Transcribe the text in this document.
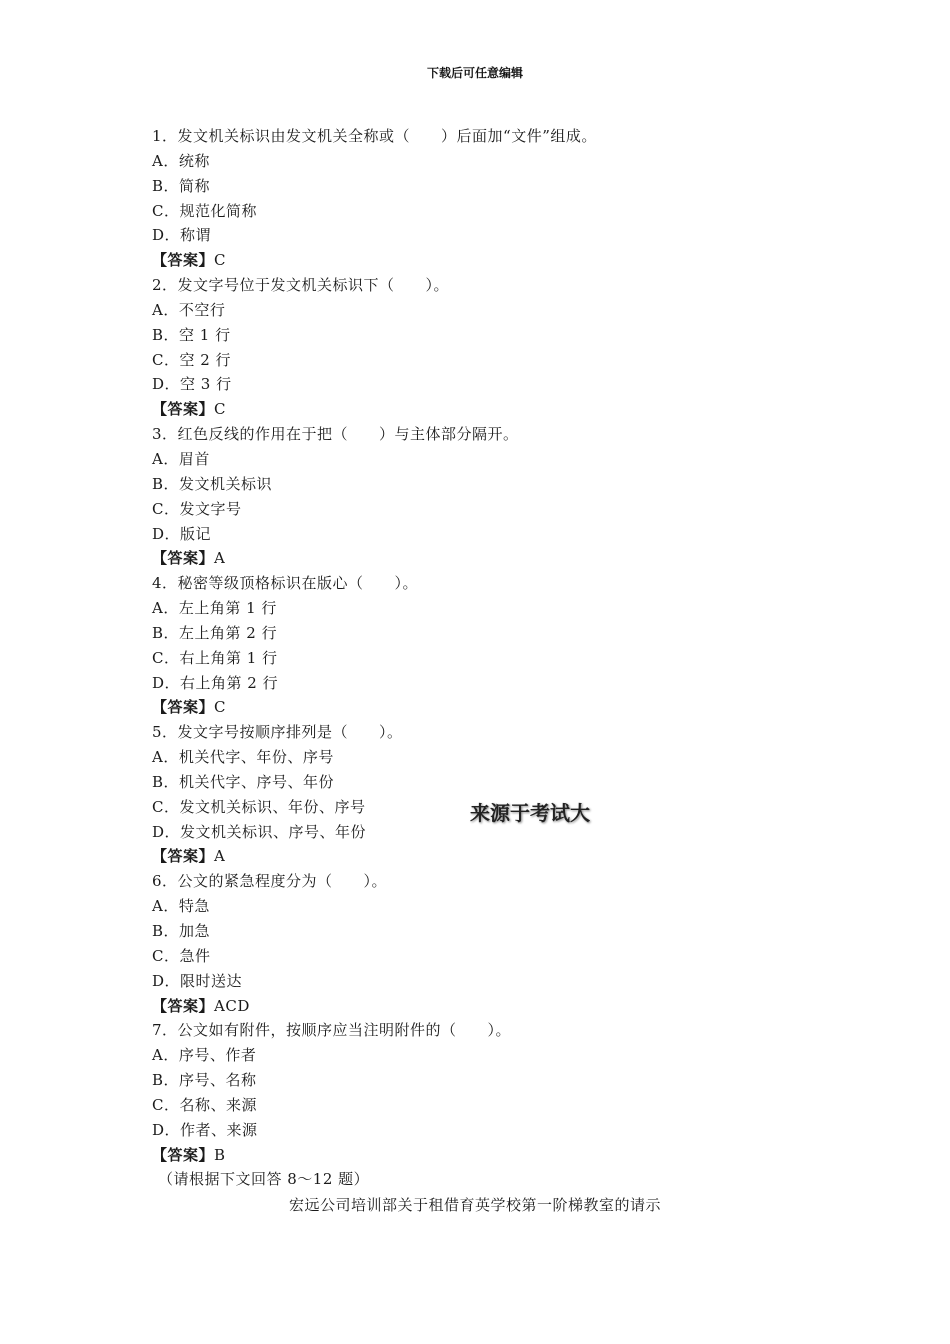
下载后可任意编辑
1．发文机关标识由发文机关全称或（　　）后面加“文件”组成。
A．统称
B．简称
C．规范化简称
D．称谓
【答案】C
2．发文字号位于发文机关标识下（　　）。
A．不空行
B．空 1 行
C．空 2 行
D．空 3 行
【答案】C
3．红色反线的作用在于把（　　）与主体部分隔开。
A．眉首
B．发文机关标识
C．发文字号
D．版记
【答案】A
4．秘密等级顶格标识在版心（　　）。
A．左上角第 1 行
B．左上角第 2 行
C．右上角第 1 行
D．右上角第 2 行
【答案】C
5．发文字号按顺序排列是（　　）。
A．机关代字、年份、序号
B．机关代字、序号、年份
C．发文机关标识、年份、序号
D．发文机关标识、序号、年份
【答案】A
6．公文的紧急程度分为（　　）。
A．特急
B．加急
C．急件
D．限时送达
【答案】ACD
7．公文如有附件，按顺序应当注明附件的（　　）。
A．序号、作者
B．序号、名称
C．名称、来源
D．作者、来源
【答案】B
（请根据下文回答 8～12 题）
来源于考试大
宏远公司培训部关于租借育英学校第一阶梯教室的请示
